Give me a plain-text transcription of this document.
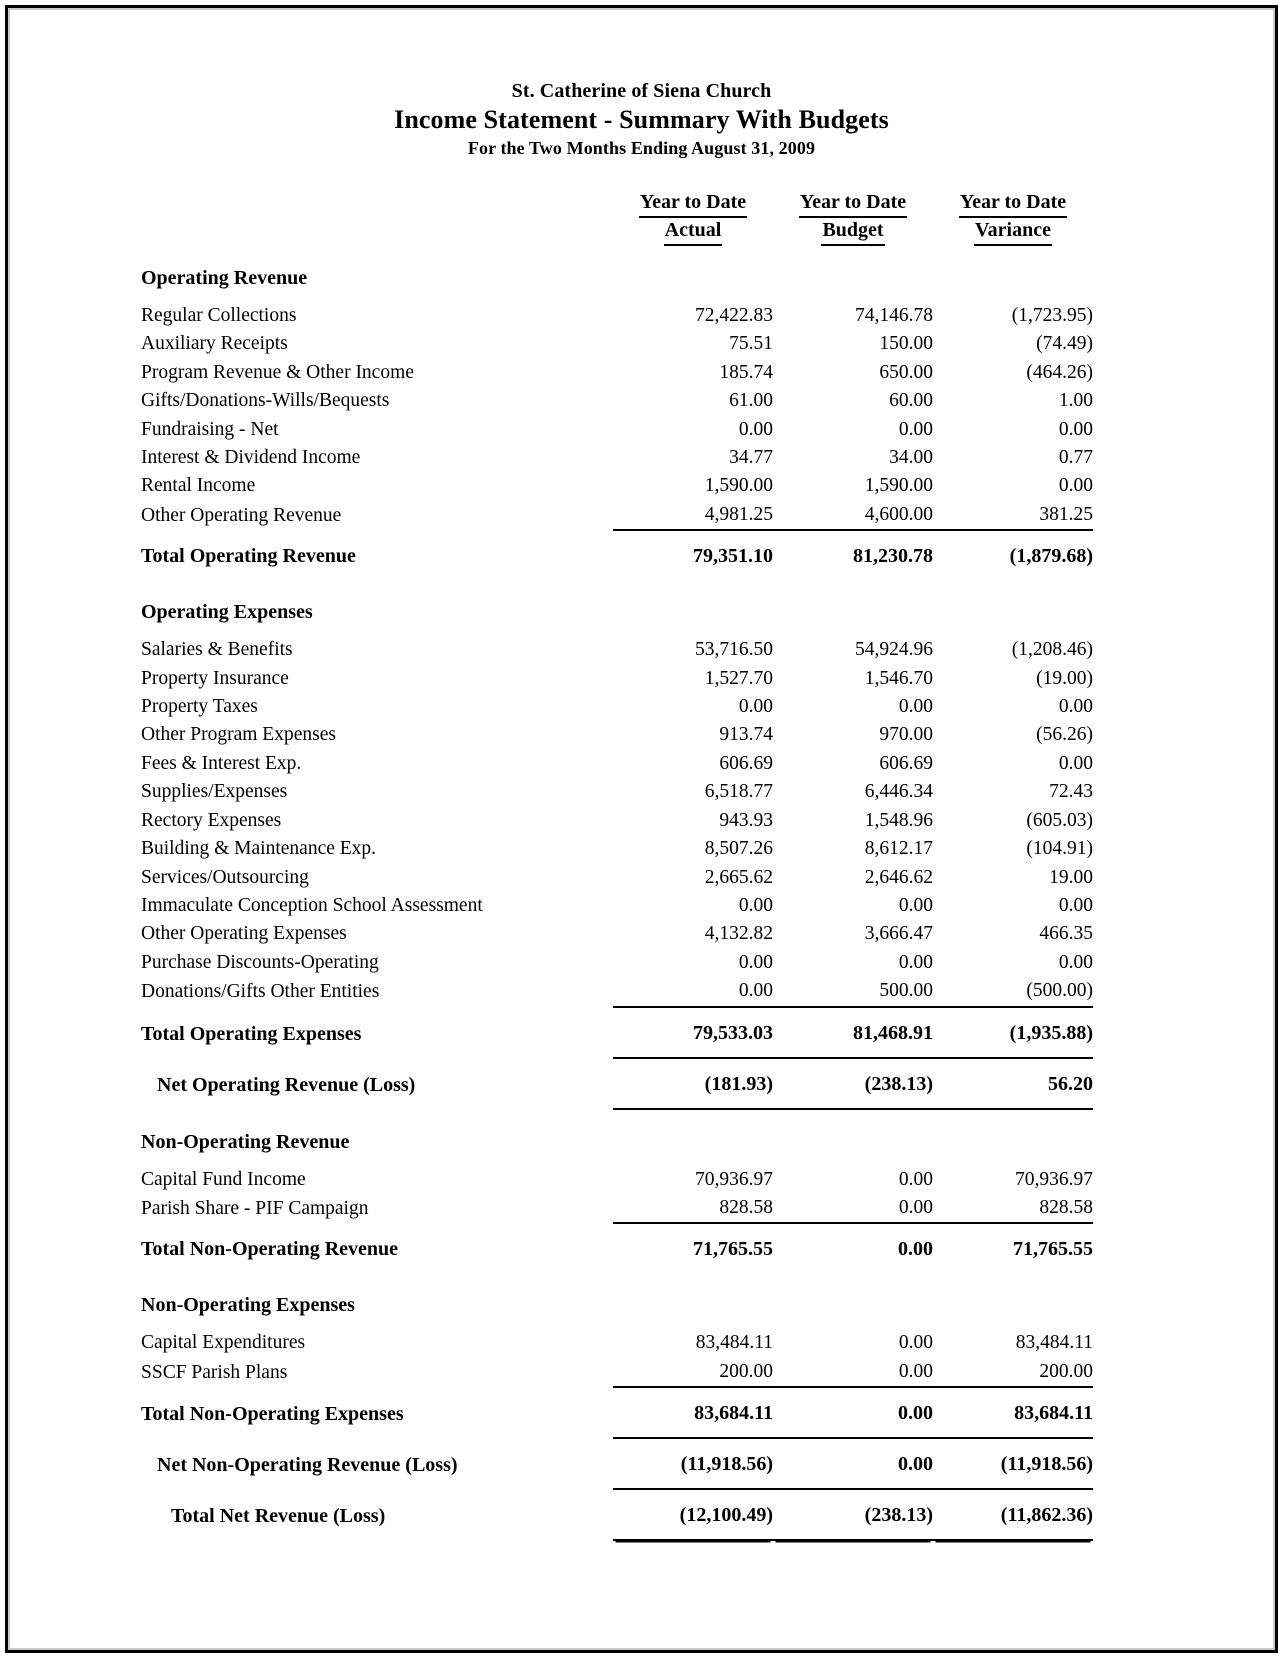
St. Catherine of Siena Church
Income Statement - Summary With Budgets
For the Two Months Ending August 31, 2009
	Year to Date Actual	Year to Date Budget	Year to Date Variance
Operating Revenue			
Regular Collections	72,422.83	74,146.78	(1,723.95)
Auxiliary Receipts	75.51	150.00	(74.49)
Program Revenue & Other Income	185.74	650.00	(464.26)
Gifts/Donations-Wills/Bequests	61.00	60.00	1.00
Fundraising - Net	0.00	0.00	0.00
Interest & Dividend Income	34.77	34.00	0.77
Rental Income	1,590.00	1,590.00	0.00
Other Operating Revenue	4,981.25	4,600.00	381.25
Total Operating Revenue	79,351.10	81,230.78	(1,879.68)
Operating Expenses			
Salaries & Benefits	53,716.50	54,924.96	(1,208.46)
Property Insurance	1,527.70	1,546.70	(19.00)
Property Taxes	0.00	0.00	0.00
Other Program Expenses	913.74	970.00	(56.26)
Fees & Interest Exp.	606.69	606.69	0.00
Supplies/Expenses	6,518.77	6,446.34	72.43
Rectory Expenses	943.93	1,548.96	(605.03)
Building & Maintenance Exp.	8,507.26	8,612.17	(104.91)
Services/Outsourcing	2,665.62	2,646.62	19.00
Immaculate Conception School Assessment	0.00	0.00	0.00
Other Operating Expenses	4,132.82	3,666.47	466.35
Purchase Discounts-Operating	0.00	0.00	0.00
Donations/Gifts Other Entities	0.00	500.00	(500.00)
Total Operating Expenses	79,533.03	81,468.91	(1,935.88)
Net Operating Revenue (Loss)	(181.93)	(238.13)	56.20
Non-Operating Revenue			
Capital Fund Income	70,936.97	0.00	70,936.97
Parish Share - PIF Campaign	828.58	0.00	828.58
Total Non-Operating Revenue	71,765.55	0.00	71,765.55
Non-Operating Expenses			
Capital Expenditures	83,484.11	0.00	83,484.11
SSCF Parish Plans	200.00	0.00	200.00
Total Non-Operating Expenses	83,684.11	0.00	83,684.11
Net Non-Operating Revenue (Loss)	(11,918.56)	0.00	(11,918.56)
Total Net Revenue (Loss)	(12,100.49)	(238.13)	(11,862.36)
